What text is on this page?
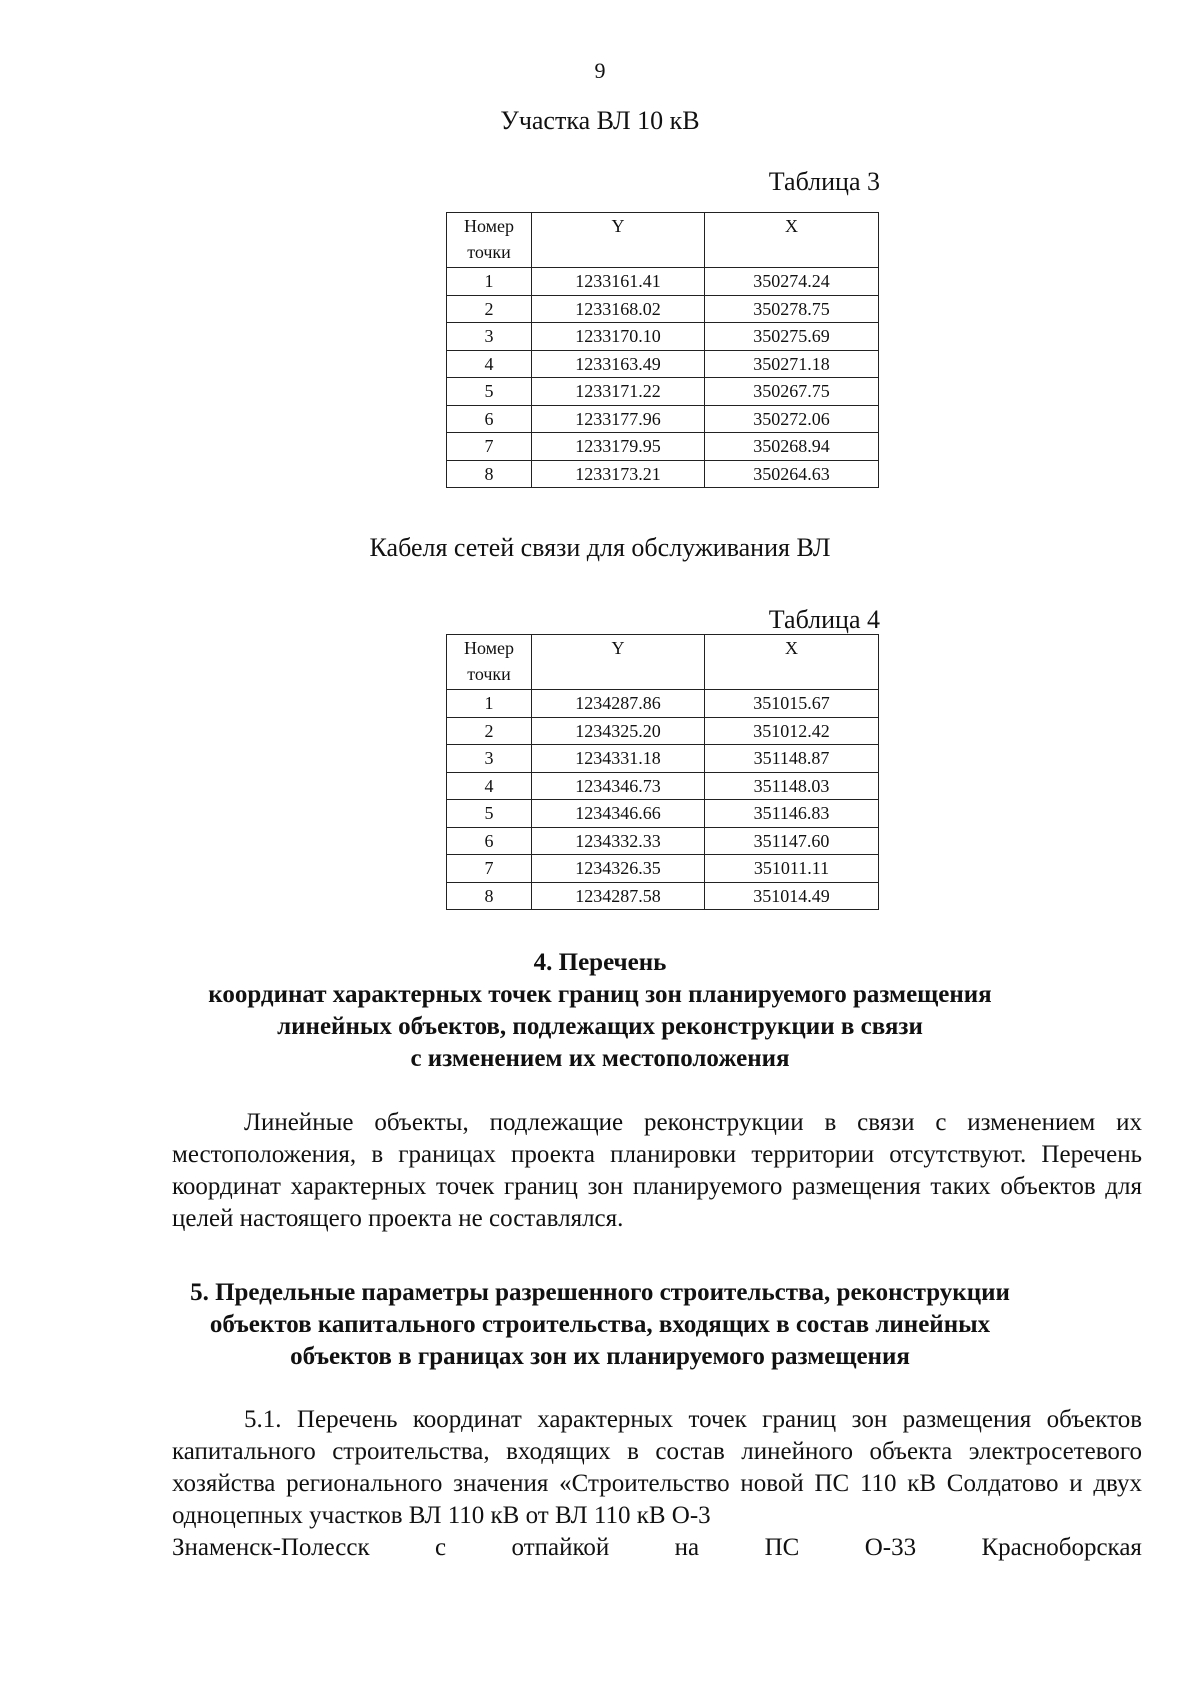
9
Участка ВЛ 10 кВ
Таблица 3
Номер точки	Y	X
1	1233161.41	350274.24
2	1233168.02	350278.75
3	1233170.10	350275.69
4	1233163.49	350271.18
5	1233171.22	350267.75
6	1233177.96	350272.06
7	1233179.95	350268.94
8	1233173.21	350264.63
Кабеля сетей связи для обслуживания ВЛ
Таблица 4
Номер точки	Y	X
1	1234287.86	351015.67
2	1234325.20	351012.42
3	1234331.18	351148.87
4	1234346.73	351148.03
5	1234346.66	351146.83
6	1234332.33	351147.60
7	1234326.35	351011.11
8	1234287.58	351014.49
4. Перечень
координат характерных точек границ зон планируемого размещения
линейных объектов, подлежащих реконструкции в связи
с изменением их местоположения

Линейные объекты, подлежащие реконструкции в связи с изменением их местоположения, в границах проекта планировки территории отсутствуют. Перечень координат характерных точек границ зон планируемого размещения таких объектов для целей настоящего проекта не составлялся.

5. Предельные параметры разрешенного строительства, реконструкции
объектов капитального строительства, входящих в состав линейных
объектов в границах зон их планируемого размещения

5.1. Перечень координат характерных точек границ зон размещения объектов капитального строительства, входящих в состав линейного объекта электросетевого хозяйства регионального значения «Строительство новой ПС 110 кВ Солдатово и двух одноцепных участков ВЛ 110 кВ от ВЛ 110 кВ О-3

Знаменск-Полесск	с	отпайкой	на	ПС	О-33	Красноборская
